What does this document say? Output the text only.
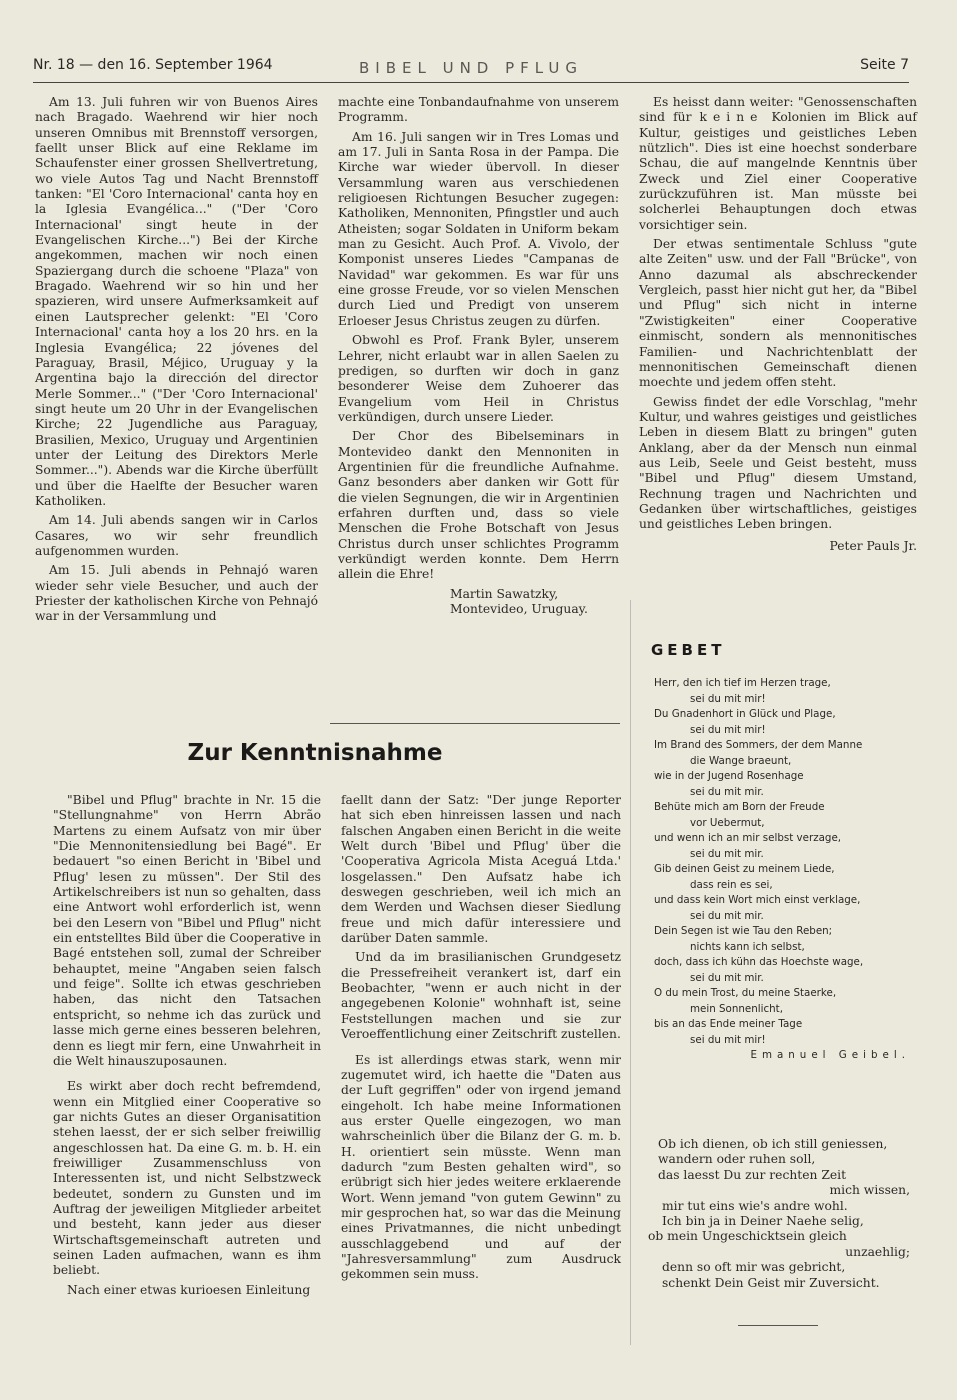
Nr. 18 — den 16. September 1964	BIBEL UND PFLUG	Seite 7

Am 13. Juli fuhren wir von Buenos Aires nach Bragado. Waehrend wir hier noch unseren Omnibus mit Brennstoff versorgen, faellt unser Blick auf eine Reklame im Schaufenster einer grossen Shellvertretung, wo viele Autos Tag und Nacht Brennstoff tanken: "El 'Coro Internacional' canta hoy en la Iglesia Evangélica..." ("Der 'Coro Internacional' singt heute in der Evangelischen Kirche...") Bei der Kirche angekommen, machen wir noch einen Spaziergang durch die schoene "Plaza" von Bragado. Waehrend wir so hin und her spazieren, wird unsere Aufmerksamkeit auf einen Lautsprecher gelenkt: "El 'Coro Internacional' canta hoy a los 20 hrs. en la Inglesia Evangélica; 22 jóvenes del Paraguay, Brasil, Méjico, Uruguay y la Argentina bajo la dirección del director Merle Sommer..." ("Der 'Coro Internacional' singt heute um 20 Uhr in der Evangelischen Kirche; 22 Jugendliche aus Paraguay, Brasilien, Mexico, Uruguay und Argentinien unter der Leitung des Direktors Merle Sommer..."). Abends war die Kirche überfüllt und über die Haelfte der Besucher waren Katholiken.

Am 14. Juli abends sangen wir in Carlos Casares, wo wir sehr freundlich aufgenommen wurden.

Am 15. Juli abends in Pehnajó waren wieder sehr viele Besucher, und auch der Priester der katholischen Kirche von Pehnajó war in der Versammlung und

machte eine Tonbandaufnahme von unserem Programm.

Am 16. Juli sangen wir in Tres Lomas und am 17. Juli in Santa Rosa in der Pampa. Die Kirche war wieder übervoll. In dieser Versammlung waren aus verschiedenen religioesen Richtungen Besucher zugegen: Katholiken, Mennoniten, Pfingstler und auch Atheisten; sogar Soldaten in Uniform bekam man zu Gesicht. Auch Prof. A. Vivolo, der Komponist unseres Liedes "Campanas de Navidad" war gekommen. Es war für uns eine grosse Freude, vor so vielen Menschen durch Lied und Predigt von unserem Erloeser Jesus Christus zeugen zu dürfen.

Obwohl es Prof. Frank Byler, unserem Lehrer, nicht erlaubt war in allen Saelen zu predigen, so durften wir doch in ganz besonderer Weise dem Zuhoerer das Evangelium vom Heil in Christus verkündigen, durch unsere Lieder.

Der Chor des Bibelseminars in Montevideo dankt den Mennoniten in Argentinien für die freundliche Aufnahme. Ganz besonders aber danken wir Gott für die vielen Segnungen, die wir in Argentinien erfahren durften und, dass so viele Menschen die Frohe Botschaft von Jesus Christus durch unser schlichtes Programm verkündigt werden konnte. Dem Herrn allein die Ehre!

Martin Sawatzky,

Montevideo, Uruguay.

Es heisst dann weiter: "Genossenschaften sind für keine Kolonien im Blick auf Kultur, geistiges und geistliches Leben nützlich". Dies ist eine hoechst sonderbare Schau, die auf mangelnde Kenntnis über Zweck und Ziel einer Cooperative zurückzuführen ist. Man müsste bei solcherlei Behauptungen doch etwas vorsichtiger sein.

Der etwas sentimentale Schluss "gute alte Zeiten" usw. und der Fall "Brücke", von Anno dazumal als abschreckender Vergleich, passt hier nicht gut her, da "Bibel und Pflug" sich nicht in interne "Zwistigkeiten" einer Cooperative einmischt, sondern als mennonitisches Familien- und Nachrichtenblatt der mennonitischen Gemeinschaft dienen moechte und jedem offen steht.

Gewiss findet der edle Vorschlag, "mehr Kultur, und wahres geistiges und geistliches Leben in diesem Blatt zu bringen" guten Anklang, aber da der Mensch nun einmal aus Leib, Seele und Geist besteht, muss "Bibel und Pflug" diesem Umstand, Rechnung tragen und Nachrichten und Gedanken über wirtschaftliches, geistiges und geistliches Leben bringen.

Peter Pauls Jr.

Zur Kenntnisnahme

"Bibel und Pflug" brachte in Nr. 15 die "Stellungnahme" von Herrn Abrão Martens zu einem Aufsatz von mir über "Die Mennonitensiedlung bei Bagé". Er bedauert "so einen Bericht in 'Bibel und Pflug' lesen zu müssen". Der Stil des Artikelschreibers ist nun so gehalten, dass eine Antwort wohl erforderlich ist, wenn bei den Lesern von "Bibel und Pflug" nicht ein entstelltes Bild über die Cooperative in Bagé entstehen soll, zumal der Schreiber behauptet, meine "Angaben seien falsch und feige". Sollte ich etwas geschrieben haben, das nicht den Tatsachen entspricht, so nehme ich das zurück und lasse mich gerne eines besseren belehren, denn es liegt mir fern, eine Unwahrheit in die Welt hinauszuposaunen.

Es wirkt aber doch recht befremdend, wenn ein Mitglied einer Cooperative so gar nichts Gutes an dieser Organisatition stehen laesst, der er sich selber freiwillig angeschlossen hat. Da eine G. m. b. H. ein freiwilliger Zusammenschluss von Interessenten ist, und nicht Selbstzweck bedeutet, sondern zu Gunsten und im Auftrag der jeweiligen Mitglieder arbeitet und besteht, kann jeder aus dieser Wirtschaftsgemeinschaft autreten und seinen Laden aufmachen, wann es ihm beliebt.

Nach einer etwas kurioesen Einleitung

faellt dann der Satz: "Der junge Reporter hat sich eben hinreissen lassen und nach falschen Angaben einen Bericht in die weite Welt durch 'Bibel und Pflug' über die 'Cooperativa Agricola Mista Aceguá Ltda.' losgelassen." Den Aufsatz habe ich deswegen geschrieben, weil ich mich an dem Werden und Wachsen dieser Siedlung freue und mich dafür interessiere und darüber Daten sammle.

Und da im brasilianischen Grundgesetz die Pressefreiheit verankert ist, darf ein Beobachter, "wenn er auch nicht in der angegebenen Kolonie" wohnhaft ist, seine Feststellungen machen und sie zur Veroeffentlichung einer Zeitschrift zustellen.

Es ist allerdings etwas stark, wenn mir zugemutet wird, ich haette die "Daten aus der Luft gegriffen" oder von irgend jemand eingeholt. Ich habe meine Informationen aus erster Quelle eingezogen, wo man wahrscheinlich über die Bilanz der G. m. b. H. orientiert sein müsste. Wenn man dadurch "zum Besten gehalten wird", so erübrigt sich hier jedes weitere erklaerende Wort. Wenn jemand "von gutem Gewinn" zu mir gesprochen hat, so war das die Meinung eines Privatmannes, die nicht unbedingt ausschlaggebend und auf der "Jahresversammlung" zum Ausdruck gekommen sein muss.

GEBET
Herr, den ich tief im Herzen trage,
sei du mit mir!
Du Gnadenhort in Glück und Plage,
sei du mit mir!
Im Brand des Sommers, der dem Manne
die Wange braeunt,
wie in der Jugend Rosenhage
sei du mit mir.
Behüte mich am Born der Freude
vor Uebermut,
und wenn ich an mir selbst verzage,
sei du mit mir.
Gib deinen Geist zu meinem Liede,
dass rein es sei,
und dass kein Wort mich einst verklage,
sei du mit mir.
Dein Segen ist wie Tau den Reben;
nichts kann ich selbst,
doch, dass ich kühn das Hoechste wage,
sei du mit mir.
O du mein Trost, du meine Staerke,
mein Sonnenlicht,
bis an das Ende meiner Tage
sei du mit mir!
Emanuel Geibel.
Ob ich dienen, ob ich still geniessen,
wandern oder ruhen soll,
das laesst Du zur rechten Zeit
mich wissen,
mir tut eins wie's andre wohl.
Ich bin ja in Deiner Naehe selig,
ob mein Ungeschicktsein gleich
unzaehlig;
denn so oft mir was gebricht,
schenkt Dein Geist mir Zuversicht.
